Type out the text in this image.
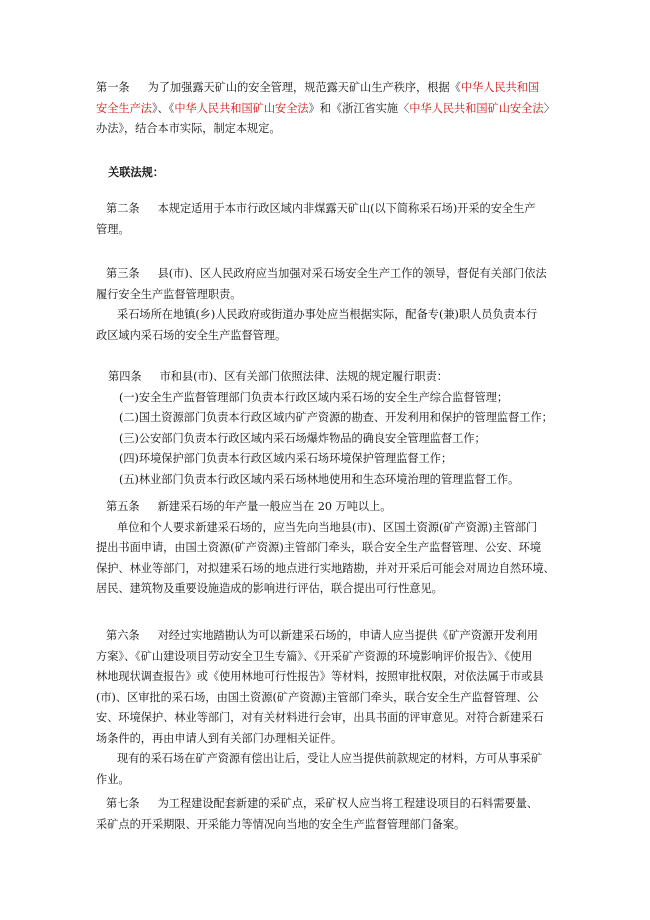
第一条 为了加强露天矿山的安全管理，规范露天矿山生产秩序，根据《中华人民共和国
安全生产法》、《中华人民共和国矿山安全法》和《浙江省实施〈中华人民共和国矿山安全法〉
办法》，结合本市实际，制定本规定。
关联法规：
第二条 本规定适用于本市行政区域内非煤露天矿山(以下简称采石场)开采的安全生产
管理。
第三条 县(市)、区人民政府应当加强对采石场安全生产工作的领导，督促有关部门依法
履行安全生产监督管理职责。
采石场所在地镇(乡)人民政府或街道办事处应当根据实际，配备专(兼)职人员负责本行
政区域内采石场的安全生产监督管理。
第四条 市和县(市)、区有关部门依照法律、法规的规定履行职责：
(一)安全生产监督管理部门负责本行政区域内采石场的安全生产综合监督管理；
(二)国土资源部门负责本行政区域内矿产资源的勘查、开发利用和保护的管理监督工作；
(三)公安部门负责本行政区域内采石场爆炸物品的确良安全管理监督工作；
(四)环境保护部门负责本行政区域内采石场环境保护管理监督工作；
(五)林业部门负责本行政区域内采石场林地使用和生态环境治理的管理监督工作。
第五条 新建采石场的年产量一般应当在 20 万吨以上。
单位和个人要求新建采石场的，应当先向当地县(市)、区国土资源(矿产资源)主管部门
提出书面申请，由国土资源(矿产资源)主管部门牵头，联合安全生产监督管理、公安、环境
保护、林业等部门，对拟建采石场的地点进行实地踏勘，并对开采后可能会对周边自然环境、
居民、建筑物及重要设施造成的影响进行评估，联合提出可行性意见。
第六条 对经过实地踏勘认为可以新建采石场的，申请人应当提供《矿产资源开发利用
方案》、《矿山建设项目劳动安全卫生专篇》、《开采矿产资源的环境影响评价报告》、《使用
林地现状调查报告》或《使用林地可行性报告》等材料，按照审批权限，对依法属于市或县
(市)、区审批的采石场，由国土资源(矿产资源)主管部门牵头，联合安全生产监督管理、公
安、环境保护、林业等部门，对有关材料进行会审，出具书面的评审意见。对符合新建采石
场条件的，再由申请人到有关部门办理相关证件。
现有的采石场在矿产资源有偿出让后，受让人应当提供前款规定的材料，方可从事采矿
作业。
第七条 为工程建设配套新建的采矿点，采矿权人应当将工程建设项目的石料需要量、
采矿点的开采期限、开采能力等情况向当地的安全生产监督管理部门备案。
